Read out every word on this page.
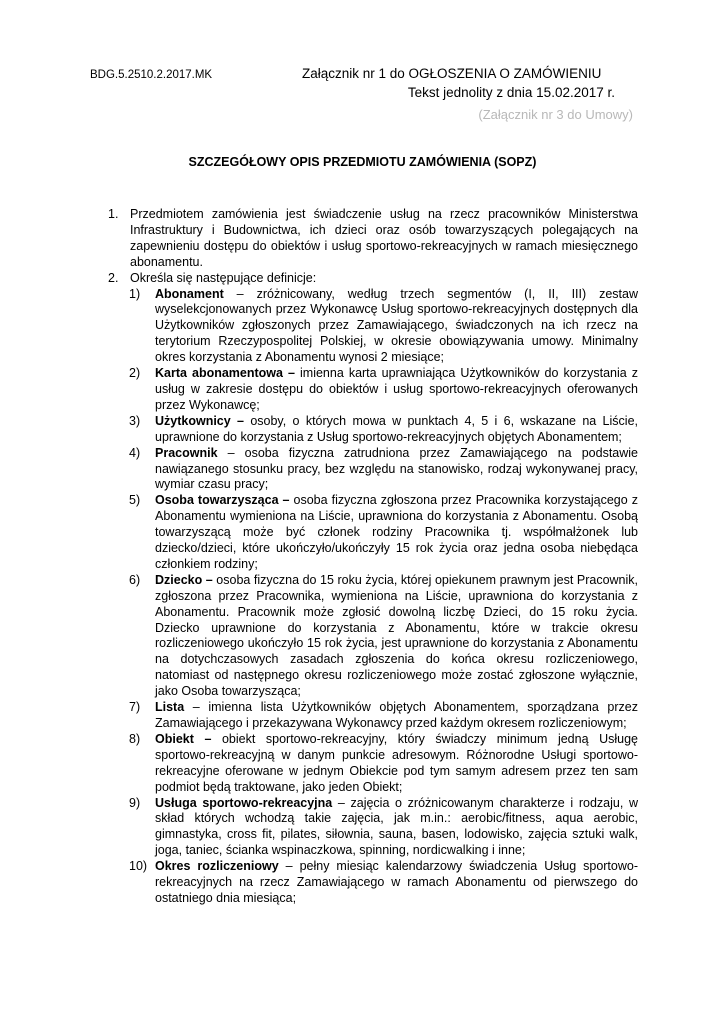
BDG.5.2510.2.2017.MK	Załącznik nr 1 do OGŁOSZENIA O ZAMÓWIENIU
Tekst jednolity z dnia 15.02.2017 r.
(Załącznik nr 3 do Umowy)
SZCZEGÓŁOWY OPIS PRZEDMIOTU ZAMÓWIENIA (SOPZ)
1. Przedmiotem zamówienia jest świadczenie usług na rzecz pracowników Ministerstwa Infrastruktury i Budownictwa, ich dzieci oraz osób towarzyszących polegających na zapewnieniu dostępu do obiektów i usług sportowo-rekreacyjnych w ramach miesięcznego abonamentu.
2. Określa się następujące definicje:
1) Abonament – zróżnicowany, według trzech segmentów (I, II, III) zestaw wyselekcjonowanych przez Wykonawcę Usług sportowo-rekreacyjnych dostępnych dla Użytkowników zgłoszonych przez Zamawiającego, świadczonych na ich rzecz na terytorium Rzeczypospolitej Polskiej, w okresie obowiązywania umowy. Minimalny okres korzystania z Abonamentu wynosi 2 miesiące;
2) Karta abonamentowa – imienna karta uprawniająca Użytkowników do korzystania z usług w zakresie dostępu do obiektów i usług sportowo-rekreacyjnych oferowanych przez Wykonawcę;
3) Użytkownicy – osoby, o których mowa w punktach 4, 5 i 6, wskazane na Liście, uprawnione do korzystania z Usług sportowo-rekreacyjnych objętych Abonamentem;
4) Pracownik – osoba fizyczna zatrudniona przez Zamawiającego na podstawie nawiązanego stosunku pracy, bez względu na stanowisko, rodzaj wykonywanej pracy, wymiar czasu pracy;
5) Osoba towarzysząca – osoba fizyczna zgłoszona przez Pracownika korzystającego z Abonamentu wymieniona na Liście, uprawniona do korzystania z Abonamentu. Osobą towarzyszącą może być członek rodziny Pracownika tj. współmałżonek lub dziecko/dzieci, które ukończyło/ukończyły 15 rok życia oraz jedna osoba niebędąca członkiem rodziny;
6) Dziecko – osoba fizyczna do 15 roku życia, której opiekunem prawnym jest Pracownik, zgłoszona przez Pracownika, wymieniona na Liście, uprawniona do korzystania z Abonamentu. Pracownik może zgłosić dowolną liczbę Dzieci, do 15 roku życia. Dziecko uprawnione do korzystania z Abonamentu, które w trakcie okresu rozliczeniowego ukończyło 15 rok życia, jest uprawnione do korzystania z Abonamentu na dotychczasowych zasadach zgłoszenia do końca okresu rozliczeniowego, natomiast od następnego okresu rozliczeniowego może zostać zgłoszone wyłącznie, jako Osoba towarzysząca;
7) Lista – imienna lista Użytkowników objętych Abonamentem, sporządzana przez Zamawiającego i przekazywana Wykonawcy przed każdym okresem rozliczeniowym;
8) Obiekt – obiekt sportowo-rekreacyjny, który świadczy minimum jedną Usługę sportowo-rekreacyjną w danym punkcie adresowym. Różnorodne Usługi sportowo-rekreacyjne oferowane w jednym Obiekcie pod tym samym adresem przez ten sam podmiot będą traktowane, jako jeden Obiekt;
9) Usługa sportowo-rekreacyjna – zajęcia o zróżnicowanym charakterze i rodzaju, w skład których wchodzą takie zajęcia, jak m.in.: aerobic/fitness, aqua aerobic, gimnastyka, cross fit, pilates, siłownia, sauna, basen, lodowisko, zajęcia sztuki walk, joga, taniec, ścianka wspinaczkowa, spinning, nordicwalking i inne;
10) Okres rozliczeniowy – pełny miesiąc kalendarzowy świadczenia Usług sportowo-rekreacyjnych na rzecz Zamawiającego w ramach Abonamentu od pierwszego do ostatniego dnia miesiąca;
